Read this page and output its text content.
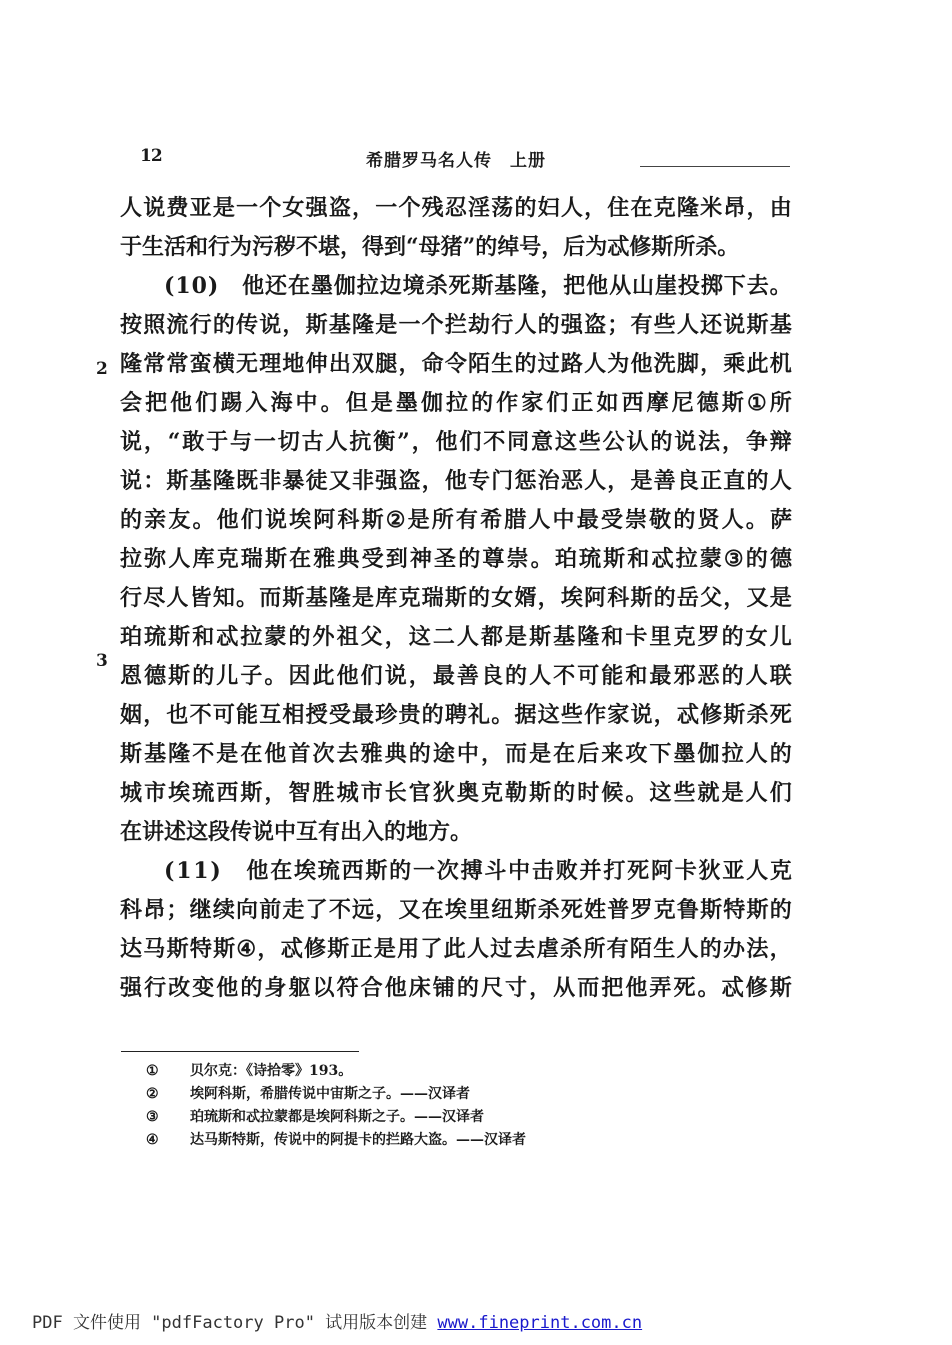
12	希腊罗马名人传　上册
2
3
人 说 费 亚 是 一 个 女 强 盗 ， 一 个 残 忍 淫 荡 的 妇 人 ， 住 在 克 隆 米 昂 ， 由
于生活和行为污秽不堪，得到“母猪”的绰号，后为忒修斯所杀。
( 1 0 )
　 他 还 在 墨 伽 拉 边 境 杀 死 斯 基 隆 ， 把 他 从 山 崖 投 掷 下 去 。
按 照 流 行 的 传 说 ， 斯 基 隆 是 一 个 拦 劫 行 人 的 强 盗 ； 有 些 人 还 说 斯 基
隆 常 常 蛮 横 无 理 地 伸 出 双 腿 ， 命 令 陌 生 的 过 路 人 为 他 洗 脚 ， 乘 此 机
会 把 他 们 踢 入 海 中 。 但 是 墨 伽 拉 的 作 家 们 正 如 西 摩 尼 德 斯 ① 所
说 ， “ 敢 于 与 一 切 古 人 抗 衡 ” ， 他 们 不 同 意 这 些 公 认 的 说 法 ， 争 辩
说 ： 斯 基 隆 既 非 暴 徒 又 非 强 盗 ， 他 专 门 惩 治 恶 人 ， 是 善 良 正 直 的 人
的 亲 友 。 他 们 说 埃 阿 科 斯 ② 是 所 有 希 腊 人 中 最 受 崇 敬 的 贤 人 。 萨
拉 弥 人 库 克 瑞 斯 在 雅 典 受 到 神 圣 的 尊 崇 。 珀 琉 斯 和 忒 拉 蒙 ③ 的 德
行 尽 人 皆 知 。 而 斯 基 隆 是 库 克 瑞 斯 的 女 婿 ， 埃 阿 科 斯 的 岳 父 ， 又 是
珀 琉 斯 和 忒 拉 蒙 的 外 祖 父 ， 这 二 人 都 是 斯 基 隆 和 卡 里 克 罗 的 女 儿
恩 德 斯 的 儿 子 。 因 此 他 们 说 ， 最 善 良 的 人 不 可 能 和 最 邪 恶 的 人 联
姻 ， 也 不 可 能 互 相 授 受 最 珍 贵 的 聘 礼 。 据 这 些 作 家 说 ， 忒 修 斯 杀 死
斯 基 隆 不 是 在 他 首 次 去 雅 典 的 途 中 ， 而 是 在 后 来 攻 下 墨 伽 拉 人 的
城 市 埃 琉 西 斯 ， 智 胜 城 市 长 官 狄 奥 克 勒 斯 的 时 候 。 这 些 就 是 人 们
在讲述这段传说中互有出入的地方。
( 1 1 )
　 他 在 埃 琉 西 斯 的 一 次 搏 斗 中 击 败 并 打 死 阿 卡 狄 亚 人 克
科 昂 ； 继 续 向 前 走 了 不 远 ， 又 在 埃 里 纽 斯 杀 死 姓 普 罗 克 鲁 斯 特 斯 的
达 马 斯 特 斯 ④ ， 忒 修 斯 正 是 用 了 此 人 过 去 虐 杀 所 有 陌 生 人 的 办 法 ，
强 行 改 变 他 的 身 躯 以 符 合 他 床 铺 的 尺 寸 ， 从 而 把 他 弄 死 。 忒 修 斯
①	贝尔克：《诗拾零》193。
②	埃阿科斯，希腊传说中宙斯之子。——汉译者
③	珀琉斯和忒拉蒙都是埃阿科斯之子。——汉译者
④	达马斯特斯，传说中的阿提卡的拦路大盗。——汉译者
PDF 文件使用 "pdfFactory Pro" 试用版本创建 www.fineprint.com.cn
